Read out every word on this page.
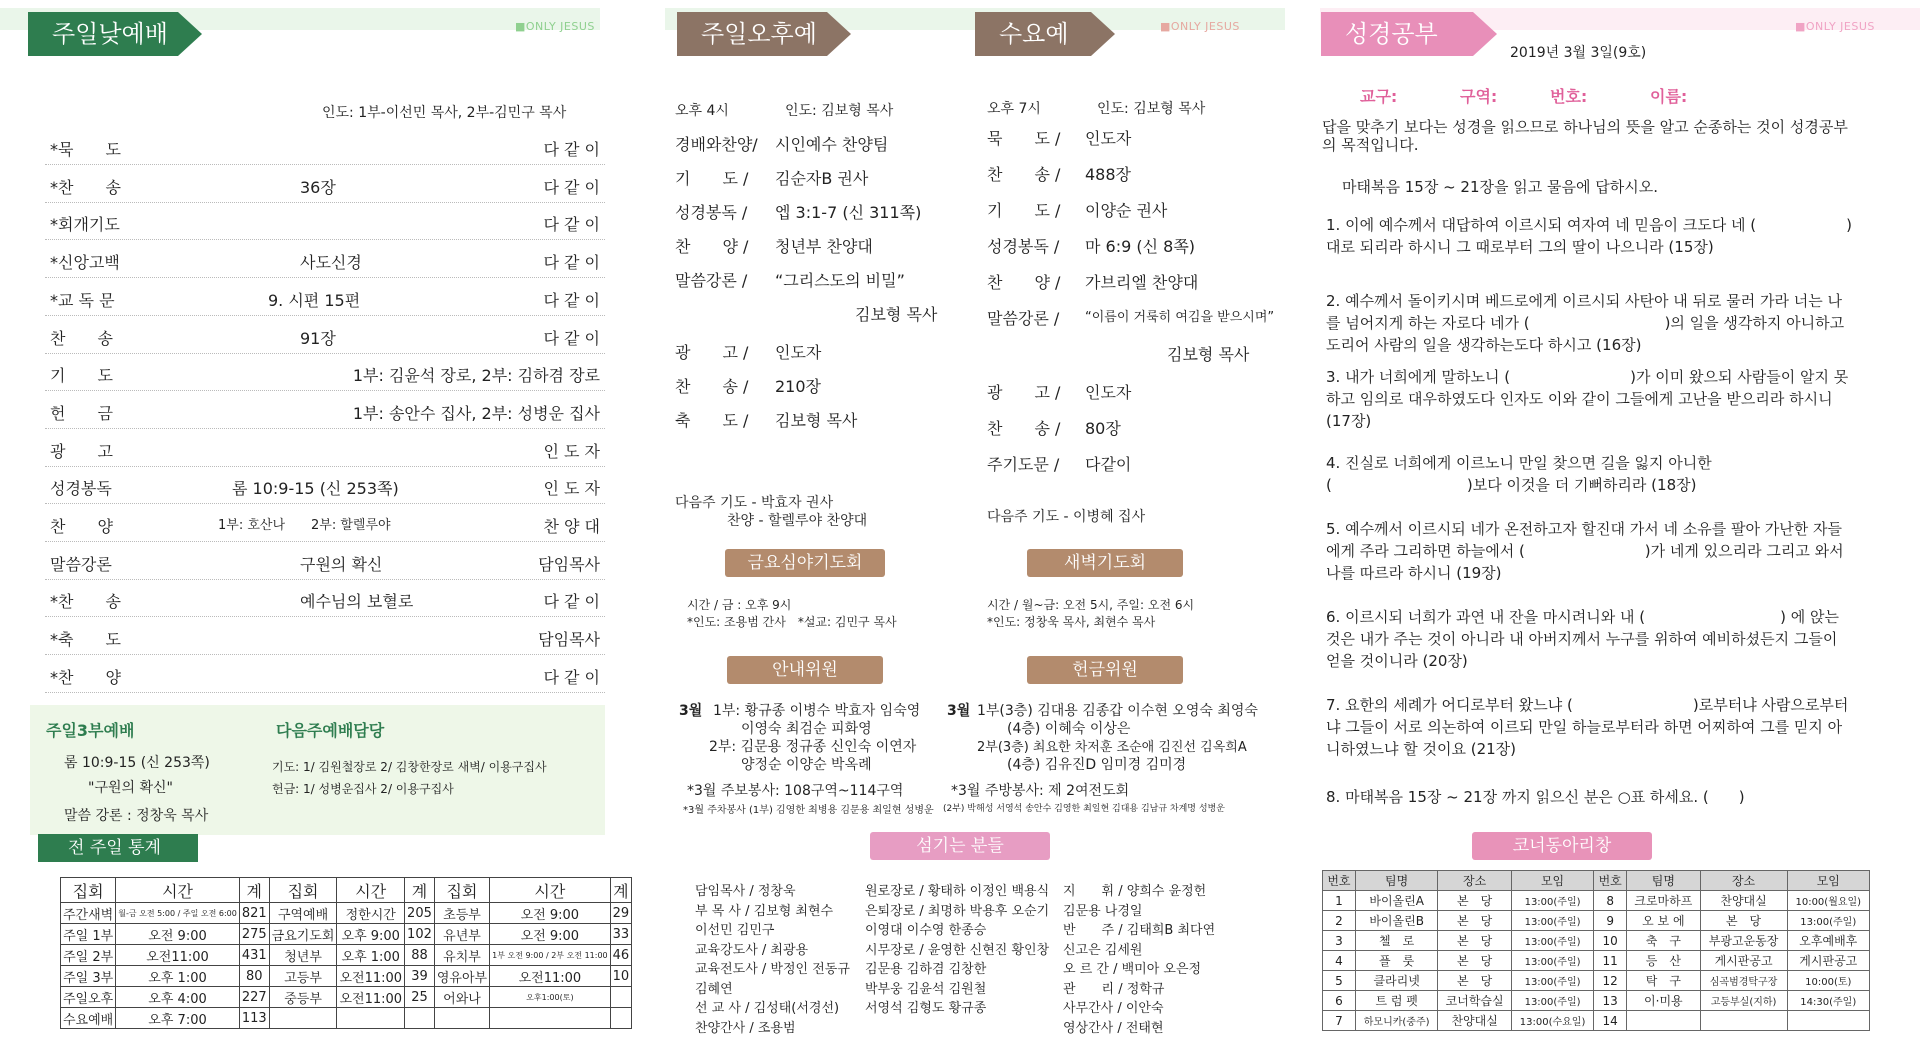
주일낮예배	■ONLY JESUS
인도: 1부-이선민 목사, 2부-김민구 목사
*묵　　도	다 같 이
*찬　　송	36장	다 같 이
*회개기도	다 같 이
*신앙고백	사도신경	다 같 이
*교 독 문	9. 시편 15편	다 같 이
찬　　송	91장	다 같 이
기　　도	1부: 김윤석 장로, 2부: 김하겸 장로
헌　　금	1부: 송안수 집사, 2부: 성병운 집사
광　　고	인 도 자
성경봉독	롬 10:9-15 (신 253쪽)	인 도 자
찬　　양	1부: 호산나　　2부: 할렐루야	찬 양 대
말씀강론	구원의 확신	담임목사
*찬　　송	예수님의 보혈로	다 같 이
*축　　도	담임목사
*찬　　양	다 같 이
주일3부예배
롬 10:9-15 (신 253쪽)
"구원의 확신"
말씀 강론 : 정창욱 목사
다음주예배담당
기도: 1/ 김원철장로 2/ 김창한장로 새벽/ 이용구집사
헌금: 1/ 성병운집사 2/ 이용구집사
전 주일 통계
집회	시간	계	집회	시간	계	집회	시간	계
주간새벽	월-금 오전 5:00 / 주일 오전 6:00	821	구역예배	정한시간	205	초등부	오전 9:00	29
주일 1부	오전 9:00	275	금요기도회	오후 9:00	102	유년부	오전 9:00	33
주일 2부	오전11:00	431	청년부	오후 1:00	88	유치부	1부 오전 9:00 / 2부 오전 11:00	46
주일 3부	오후 1:00	80	고등부	오전11:00	39	영유아부	오전11:00	10
주일오후	오후 4:00	227	중등부	오전11:00	25	어와나	오후1:00(토)	
수요예배	오후 7:00	113						
주일오후예배
오후 4시	인도: 김보형 목사
경배와찬양/ 시인예수 찬양팀
기　　도 / 김순자B 권사
성경봉독 / 엡 3:1-7 (신 311쪽)
찬　　양 / 청년부 찬양대
말씀강론 / “그리스도의 비밀”
김보형 목사
광　　고 / 인도자
찬　　송 / 210장
축　　도 / 김보형 목사
다음주 기도 - 박효자 권사
찬양 - 할렐루야 찬양대
금요심야기도회
시간 / 금 : 오후 9시
*인도: 조용범 간사　*설교: 김민구 목사
안내위원
3월 1부: 황규종 이병수 박효자 임숙영
이영숙 최검순 피화영
2부: 김문용 정규종 신인숙 이연자
양정순 이양순 박옥례
*3월 주보봉사: 108구역~114구역
*3월 주차봉사 (1부) 김영한 최병용 김문용 최일현 성병운
섬기는 분들
담임목사 / 정창욱
부 목 사 / 김보형 최현수
이선민 김민구
교육강도사 / 최광용
교육전도사 / 박정인 전동규
김혜연
선 교 사 / 김성태(서경선)
찬양간사 / 조용범
원로장로 / 황태하 이정인 백용식
은퇴장로 / 최명하 박용후 오순기
이영대 이수영 한종승
시무장로 / 윤영한 신현진 황인창
김문용 김하겸 김창한
박부웅 김윤석 김원철
서영석 김형도 황규종
수요예배
■ONLY JESUS
오후 7시	인도: 김보형 목사
묵　　도 / 인도자
찬　　송 / 488장
기　　도 / 이양순 권사
성경봉독 / 마 6:9 (신 8쪽)
찬　　양 / 가브리엘 찬양대
말씀강론 / “이름이 거룩히 여김을 받으시며”
김보형 목사
광　　고 / 인도자
찬　　송 / 80장
주기도문 / 다같이
다음주 기도 - 이병혜 집사
새벽기도회
시간 / 월~금: 오전 5시, 주일: 오전 6시
*인도: 정창욱 목사, 최현수 목사
헌금위원
3월 1부(3층) 김대용 김종갑 이수현 오영숙 최영숙
(4층) 이혜숙 이상은
2부(3층) 최요한 차저훈 조순애 김진선 김옥희A
(4층) 김유진D 임미경 김미경
*3월 주방봉사: 제 2여전도회
(2부) 박해성 서영석 송안수 김영한 최일현 김대용 김남규 차계명 성병운
지　　휘 / 양희수 윤정헌
김문용 나경일
반　　주 / 김태희B 최다연
신고은 김세원
오 르 간 / 백미아 오은정
관　　리 / 정학규
사무간사 / 이안숙
영상간사 / 전태현
성경공부	■ONLY JESUS
2019년 3월 3일(9호)
교구:	구역:	번호:	이름:
답을 맞추기 보다는 성경을 읽으므로 하나님의 뜻을 알고 순종하는 것이 성경공부의 목적입니다.
마태복음 15장 ~ 21장을 읽고 물음에 답하시오.
1. 이에 예수께서 대답하여 이르시되 여자여 네 믿음이 크도다 네 (　　　　　　)대로 되리라 하시니 그 때로부터 그의 딸이 나으니라 (15장)
2. 예수께서 돌이키시며 베드로에게 이르시되 사탄아 내 뒤로 물러 가라 너는 나를 넘어지게 하는 자로다 네가 (　　　　　　　　　)의 일을 생각하지 아니하고 도리어 사람의 일을 생각하는도다 하시고 (16장)
3. 내가 너희에게 말하노니 (　　　　　　　　)가 이미 왔으되 사람들이 알지 못하고 임의로 대우하였도다 인자도 이와 같이 그들에게 고난을 받으리라 하시니 (17장)
4. 진실로 너희에게 이르노니 만일 찾으면 길을 잃지 아니한 (　　　　　　　　　)보다 이것을 더 기뻐하리라 (18장)
5. 예수께서 이르시되 네가 온전하고자 할진대 가서 네 소유를 팔아 가난한 자들에게 주라 그리하면 하늘에서 (　　　　　　　　)가 네게 있으리라 그리고 와서 나를 따르라 하시니 (19장)
6. 이르시되 너희가 과연 내 잔을 마시려니와 내 (　　　　　　　　　) 에 앉는 것은 내가 주는 것이 아니라 내 아버지께서 누구를 위하여 예비하셨든지 그들이 얻을 것이니라 (20장)
7. 요한의 세례가 어디로부터 왔느냐 (　　　　　　　　)로부터냐 사람으로부터냐 그들이 서로 의논하여 이르되 만일 하늘로부터라 하면 어찌하여 그를 믿지 아니하였느냐 할 것이요 (21장)
8. 마태복음 15장 ~ 21장 까지 읽으신 분은 ○표 하세요. (　　)
코너동아리창
번호	팀명	장소	모임	번호	팀명	장소	모임
1	바이올린A	본　당	13:00(주일)	8	크로마하프	찬양대실	10:00(월요일)
2	바이올린B	본　당	13:00(주일)	9	오 보 에	본　당	13:00(주일)
3	첼　로	본　당	13:00(주일)	10	축　구	부광고운동장	오후예배후
4	플　룻	본　당	13:00(주일)	11	등　산	게시판공고	게시판공고
5	클라리넷	본　당	13:00(주일)	12	탁　구	심곡범경탁구장	10:00(토)
6	트 럼 펫	코너학습실	13:00(주일)	13	이·미용	고등부실(지하)	14:30(주일)
7	하모니카(중주)	찬양대실	13:00(수요일)	14			
